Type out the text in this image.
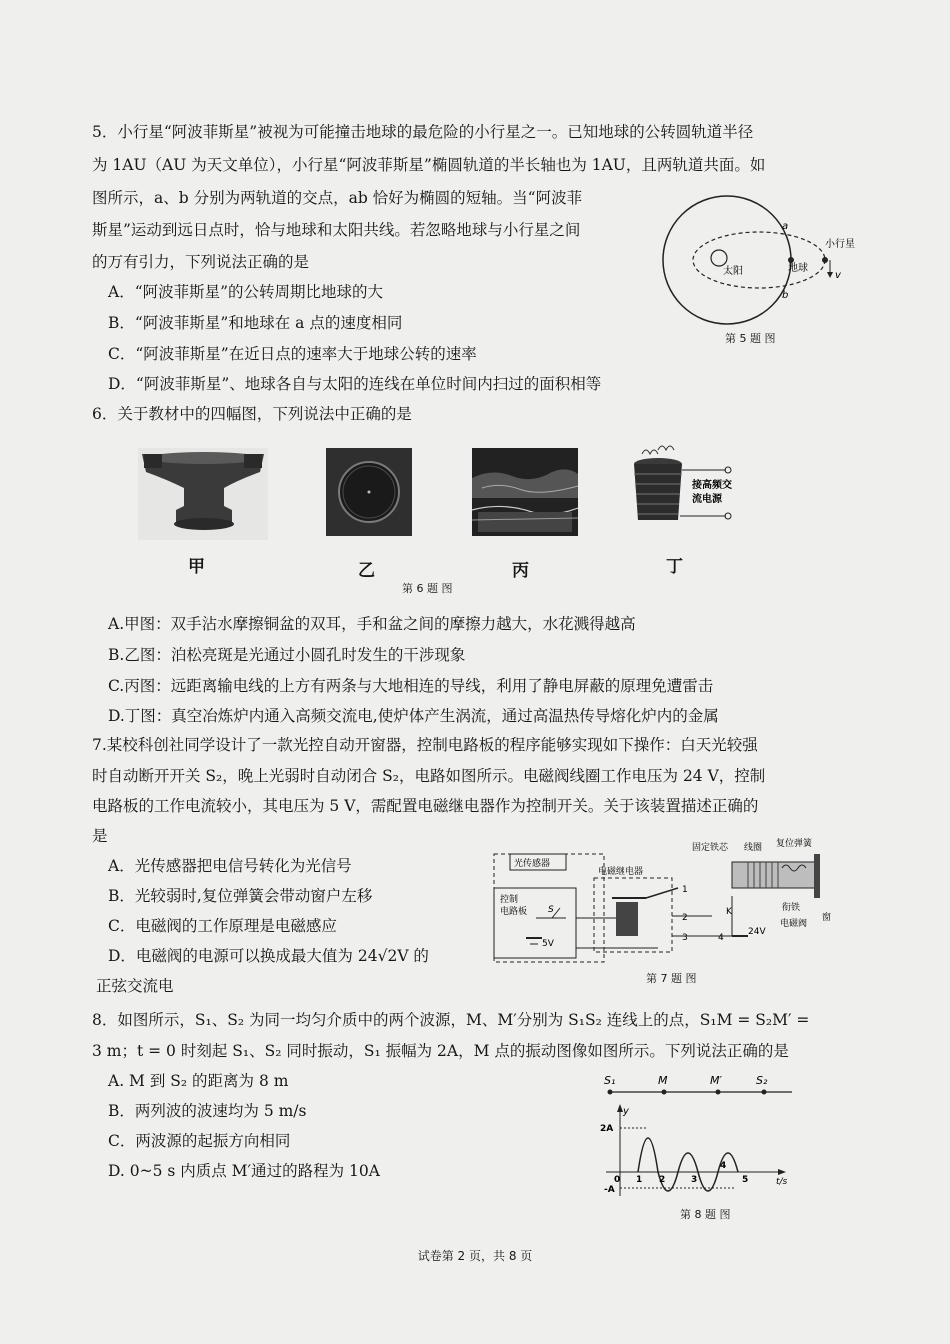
5．小行星“阿波菲斯星”被视为可能撞击地球的最危险的小行星之一。已知地球的公转圆轨道半径
为 1AU（AU 为天文单位），小行星“阿波菲斯星”椭圆轨道的半长轴也为 1AU，且两轨道共面。如
图所示，a、b 分别为两轨道的交点，ab 恰好为椭圆的短轴。当“阿波菲
斯星”运动到远日点时，恰与地球和太阳共线。若忽略地球与小行星之间
的万有引力，下列说法正确的是
A．“阿波菲斯星”的公转周期比地球的大
B．“阿波菲斯星”和地球在 a 点的速度相同
C．“阿波菲斯星”在近日点的速率大于地球公转的速率
D．“阿波菲斯星”、地球各自与太阳的连线在单位时间内扫过的面积相等
太阳	地球
小行星
v
a
b
第 5 题 图
6．关于教材中的四幅图，下列说法中正确的是
甲	乙	丙
接高频交
流电源
丁
第 6 题 图
A.甲图：双手沾水摩擦铜盆的双耳，手和盆之间的摩擦力越大，水花溅得越高
B.乙图：泊松亮斑是光通过小圆孔时发生的干涉现象
C.丙图：远距离输电线的上方有两条与大地相连的导线，利用了静电屏蔽的原理免遭雷击
D.丁图：真空冶炼炉内通入高频交流电,使炉体产生涡流，通过高温热传导熔化炉内的金属
7.某校科创社同学设计了一款光控自动开窗器，控制电路板的程序能够实现如下操作：白天光较强
时自动断开开关 S₂，晚上光弱时自动闭合 S₂，电路如图所示。电磁阀线圈工作电压为 24 V，控制
电路板的工作电流较小，其电压为 5 V，需配置电磁继电器作为控制开关。关于该装置描述正确的
是
A．光传感器把电信号转化为光信号
B．光较弱时,复位弹簧会带动窗户左移
C．电磁阀的工作原理是电磁感应
D．电磁阀的电源可以换成最大值为 24√2V 的
正弦交流电
光传感器
控制
电路板 S
5V
电磁继电器
1
2
3
K
24V
4
固定铁芯 线圈 复位弹簧
衔铁
电磁阀
窗
第 7 题 图
8．如图所示，S₁、S₂ 为同一均匀介质中的两个波源，M、M′分别为 S₁S₂ 连线上的点，S₁M = S₂M′ =
3 m；t = 0 时刻起 S₁、S₂ 同时振动，S₁ 振幅为 2A，M 点的振动图像如图所示。下列说法正确的是
A. M 到 S₂ 的距离为 8 m
B．两列波的波速均为 5 m/s
C．两波源的起振方向相同
D. 0~5 s 内质点 M′通过的路程为 10A
S₁	M	M′	S₂
y
t/s
2A
-A
0 1 2	3
4
5
第 8 题 图
试卷第 2 页，共 8 页
